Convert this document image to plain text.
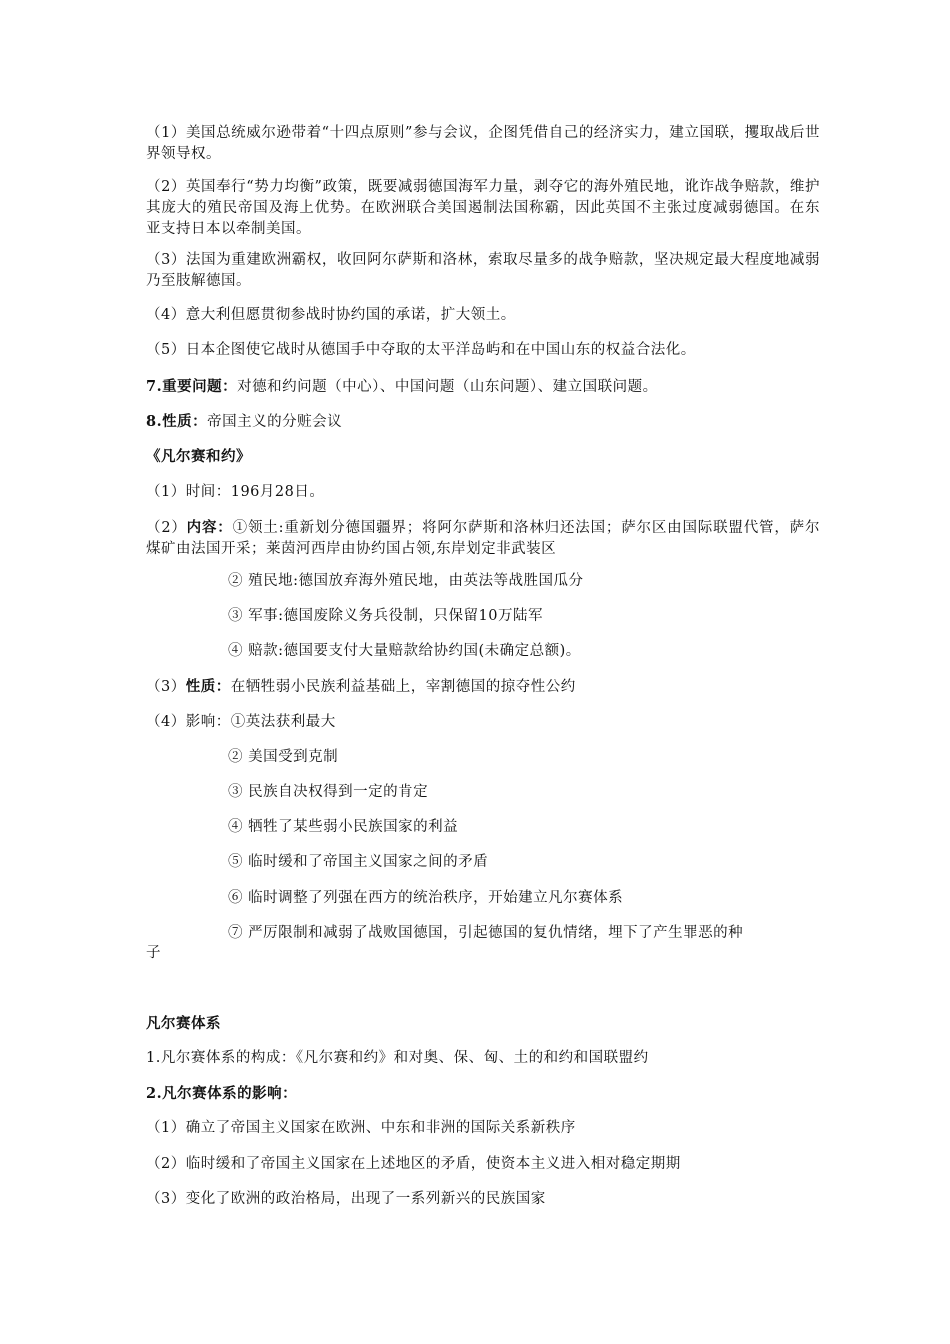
（1）美国总统威尔逊带着“十四点原则”参与会议，企图凭借自己的经济实力，建立国联，攫取战后世界领导权。
（2）英国奉行“势力均衡”政策，既要减弱德国海军力量，剥夺它的海外殖民地，讹诈战争赔款，维护其庞大的殖民帝国及海上优势。在欧洲联合美国遏制法国称霸，因此英国不主张过度减弱德国。在东亚支持日本以牵制美国。
（3）法国为重建欧洲霸权，收回阿尔萨斯和洛林，索取尽量多的战争赔款，坚决规定最大程度地减弱乃至肢解德国。
（4）意大利但愿贯彻参战时协约国的承诺，扩大领土。
（5）日本企图使它战时从德国手中夺取的太平洋岛屿和在中国山东的权益合法化。
7.重要问题：对德和约问题（中心）、中国问题（山东问题）、建立国联问题。
8.性质：帝国主义的分赃会议
《凡尔赛和约》
（1）时间：196月28日。
（2）内容：①领土:重新划分德国疆界；将阿尔萨斯和洛林归还法国；萨尔区由国际联盟代管，萨尔煤矿由法国开采；莱茵河西岸由协约国占领,东岸划定非武装区
② 殖民地:德国放弃海外殖民地，由英法等战胜国瓜分
③ 军事:德国废除义务兵役制，只保留10万陆军
④ 赔款:德国要支付大量赔款给协约国(未确定总额)。
（3）性质：在牺牲弱小民族利益基础上，宰割德国的掠夺性公约
（4）影响：①英法获利最大
② 美国受到克制
③ 民族自决权得到一定的肯定
④ 牺牲了某些弱小民族国家的利益
⑤ 临时缓和了帝国主义国家之间的矛盾
⑥ 临时调整了列强在西方的统治秩序，开始建立凡尔赛体系
⑦ 严厉限制和减弱了战败国德国，引起德国的复仇情绪，埋下了产生罪恶的种
子
凡尔赛体系
1.凡尔赛体系的构成：《凡尔赛和约》和对奥、保、匈、土的和约和国联盟约
2.凡尔赛体系的影响：
（1）确立了帝国主义国家在欧洲、中东和非洲的国际关系新秩序
（2）临时缓和了帝国主义国家在上述地区的矛盾，使资本主义进入相对稳定期期
（3）变化了欧洲的政治格局，出现了一系列新兴的民族国家
